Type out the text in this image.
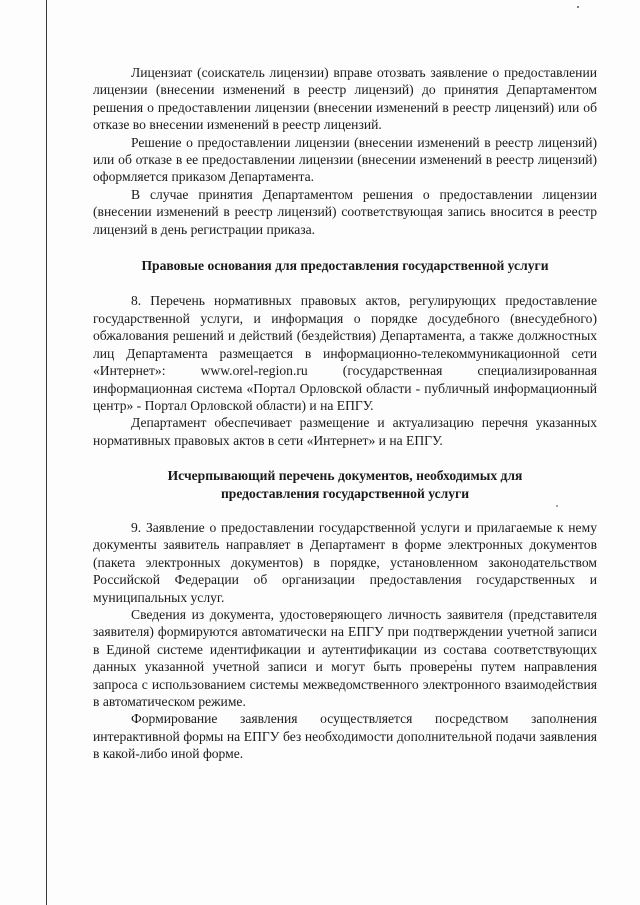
Лицензиат (соискатель лицензии) вправе отозвать заявление о предоставлении лицензии (внесении изменений в реестр лицензий) до принятия Департаментом решения о предоставлении лицензии (внесении изменений в реестр лицензий) или об отказе во внесении изменений в реестр лицензий.

Решение о предоставлении лицензии (внесении изменений в реестр лицензий) или об отказе в ее предоставлении лицензии (внесении изменений в реестр лицензий) оформляется приказом Департамента.

В случае принятия Департаментом решения о предоставлении лицензии (внесении изменений в реестр лицензий) соответствующая запись вносится в реестр лицензий в день регистрации приказа.

Правовые основания для предоставления государственной услуги

8. Перечень нормативных правовых актов, регулирующих предоставление государственной услуги, и информация о порядке досудебного (внесудебного) обжалования решений и действий (бездействия) Департамента, а также должностных лиц Департамента размещается в информационно-телекоммуникационной сети «Интернет»: www.orel-region.ru (государственная специализированная информационная система «Портал Орловской области - публичный информационный центр» - Портал Орловской области) и на ЕПГУ.

Департамент обеспечивает размещение и актуализацию перечня указанных нормативных правовых актов в сети «Интернет» и на ЕПГУ.

Исчерпывающий перечень документов, необходимых для
предоставления государственной услуги

9. Заявление о предоставлении государственной услуги и прилагаемые к нему документы заявитель направляет в Департамент в форме электронных документов (пакета электронных документов) в порядке, установленном законодательством Российской Федерации об организации предоставления государственных и муниципальных услуг.

Сведения из документа, удостоверяющего личность заявителя (представителя заявителя) формируются автоматически на ЕПГУ при подтверждении учетной записи в Единой системе идентификации и аутентификации из состава соответствующих данных указанной учетной записи и могут быть проверены путем направления запроса с использованием системы межведомственного электронного взаимодействия в автоматическом режиме.

Формирование заявления осуществляется посредством заполнения интерактивной формы на ЕПГУ без необходимости дополнительной подачи заявления в какой-либо иной форме.
